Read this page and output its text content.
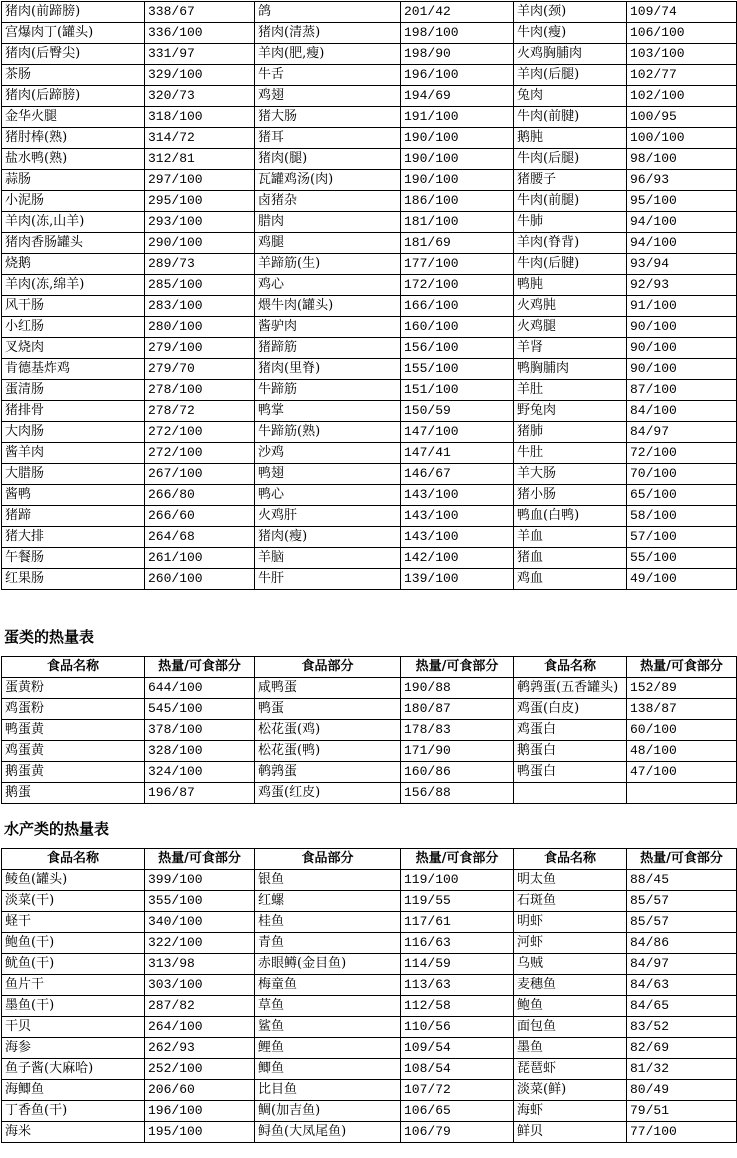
猪肉(前蹄膀)	338/67	鸽	201/42	羊肉(颈)	109/74
宫爆肉丁(罐头)	336/100	猪肉(清蒸)	198/100	牛肉(瘦)	106/100
猪肉(后臀尖)	331/97	羊肉(肥,瘦)	198/90	火鸡胸脯肉	103/100
茶肠	329/100	牛舌	196/100	羊肉(后腿)	102/77
猪肉(后蹄膀)	320/73	鸡翅	194/69	兔肉	102/100
金华火腿	318/100	猪大肠	191/100	牛肉(前腱)	100/95
猪肘棒(熟)	314/72	猪耳	190/100	鹅肫	100/100
盐水鸭(熟)	312/81	猪肉(腿)	190/100	牛肉(后腿)	98/100
蒜肠	297/100	瓦罐鸡汤(肉)	190/100	猪腰子	96/93
小泥肠	295/100	卤猪杂	186/100	牛肉(前腿)	95/100
羊肉(冻,山羊)	293/100	腊肉	181/100	牛肺	94/100
猪肉香肠罐头	290/100	鸡腿	181/69	羊肉(脊背)	94/100
烧鹅	289/73	羊蹄筋(生)	177/100	牛肉(后腱)	93/94
羊肉(冻,绵羊)	285/100	鸡心	172/100	鸭肫	92/93
风干肠	283/100	煨牛肉(罐头)	166/100	火鸡肫	91/100
小红肠	280/100	酱驴肉	160/100	火鸡腿	90/100
叉烧肉	279/100	猪蹄筋	156/100	羊肾	90/100
肯德基炸鸡	279/70	猪肉(里脊)	155/100	鸭胸脯肉	90/100
蛋清肠	278/100	牛蹄筋	151/100	羊肚	87/100
猪排骨	278/72	鸭掌	150/59	野兔肉	84/100
大肉肠	272/100	牛蹄筋(熟)	147/100	猪肺	84/97
酱羊肉	272/100	沙鸡	147/41	牛肚	72/100
大腊肠	267/100	鸭翅	146/67	羊大肠	70/100
酱鸭	266/80	鸭心	143/100	猪小肠	65/100
猪蹄	266/60	火鸡肝	143/100	鸭血(白鸭)	58/100
猪大排	264/68	猪肉(瘦)	143/100	羊血	57/100
午餐肠	261/100	羊脑	142/100	猪血	55/100
红果肠	260/100	牛肝	139/100	鸡血	49/100
蛋类的热量表
食品名称	热量/可食部分	食品部分	热量/可食部分	食品名称	热量/可食部分
蛋黄粉	644/100	咸鸭蛋	190/88	鹌鹑蛋(五香罐头)	152/89
鸡蛋粉	545/100	鸭蛋	180/87	鸡蛋(白皮)	138/87
鸭蛋黄	378/100	松花蛋(鸡)	178/83	鸡蛋白	60/100
鸡蛋黄	328/100	松花蛋(鸭)	171/90	鹅蛋白	48/100
鹅蛋黄	324/100	鹌鹑蛋	160/86	鸭蛋白	47/100
鹅蛋	196/87	鸡蛋(红皮)	156/88		
水产类的热量表
食品名称	热量/可食部分	食品部分	热量/可食部分	食品名称	热量/可食部分
鲮鱼(罐头)	399/100	银鱼	119/100	明太鱼	88/45
淡菜(干)	355/100	红螺	119/55	石斑鱼	85/57
蛏干	340/100	桂鱼	117/61	明虾	85/57
鲍鱼(干)	322/100	青鱼	116/63	河虾	84/86
鱿鱼(干)	313/98	赤眼鳟(金目鱼)	114/59	乌贼	84/97
鱼片干	303/100	梅童鱼	113/63	麦穗鱼	84/63
墨鱼(干)	287/82	草鱼	112/58	鲍鱼	84/65
干贝	264/100	鲨鱼	110/56	面包鱼	83/52
海参	262/93	鲤鱼	109/54	墨鱼	82/69
鱼子酱(大麻哈)	252/100	鲫鱼	108/54	琵琶虾	81/32
海鲫鱼	206/60	比目鱼	107/72	淡菜(鲜)	80/49
丁香鱼(干)	196/100	鲷(加吉鱼)	106/65	海虾	79/51
海米	195/100	鲟鱼(大凤尾鱼)	106/79	鲜贝	77/100
